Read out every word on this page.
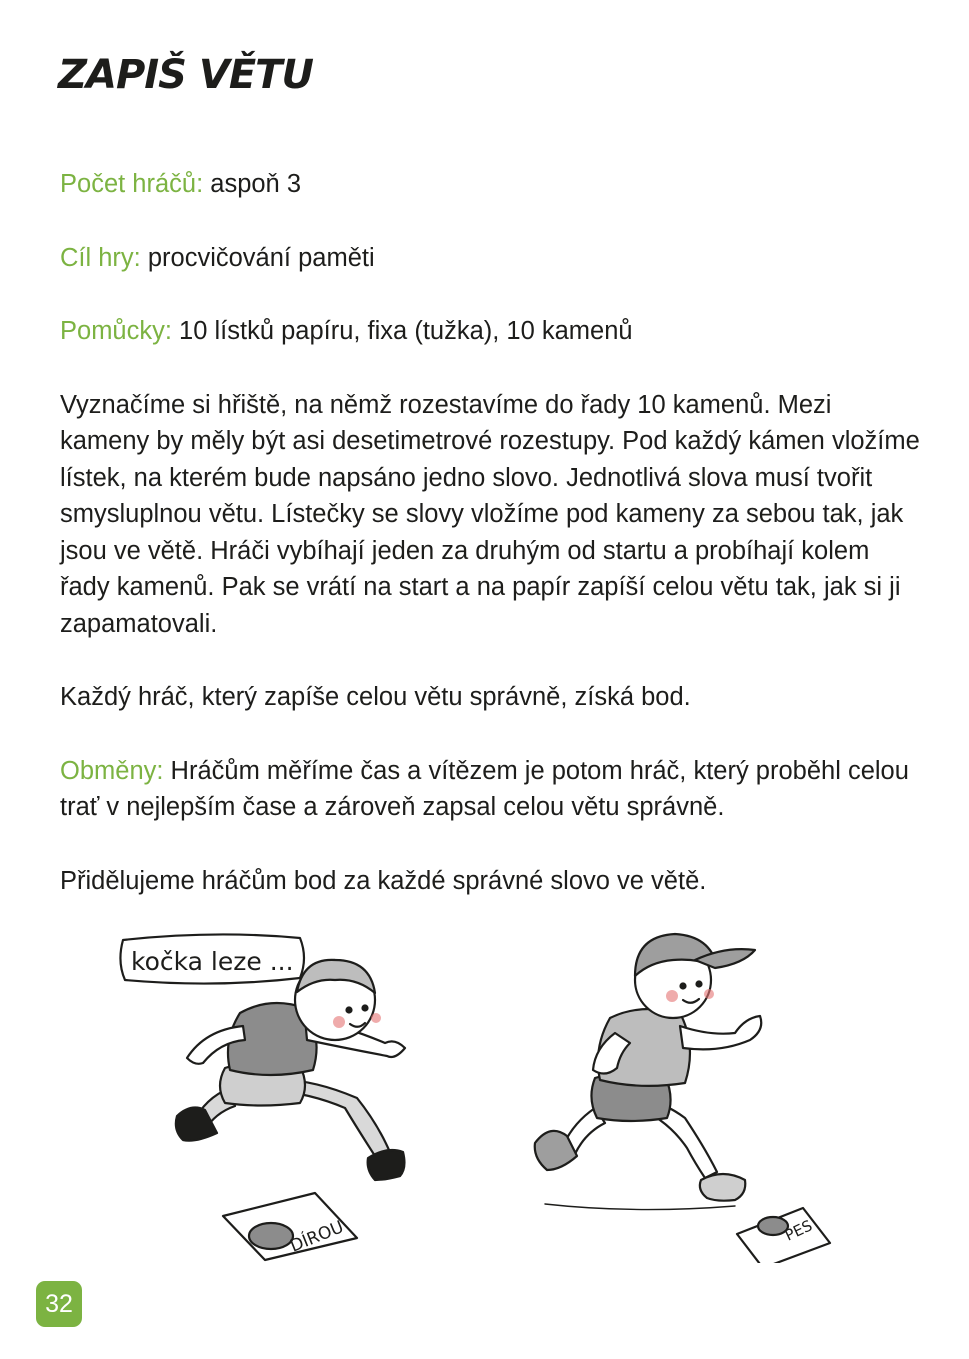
ZAPIŠ VĚTU

Počet hráčů: aspoň 3

Cíl hry: procvičování paměti

Pomůcky: 10 lístků papíru, fixa (tužka), 10 kamenů

Vyznačíme si hřiště, na němž rozestavíme do řady 10 kamenů. Mezi kameny by měly být asi desetimetrové rozestupy. Pod každý kámen vložíme lístek, na kterém bude napsáno jedno slovo. Jednotlivá slova musí tvořit smysluplnou větu. Lístečky se slovy vložíme pod kameny za sebou tak, jak jsou ve větě. Hráči vybíhají jeden za druhým od startu a probíhají kolem řady kamenů. Pak se vrátí na start a na papír zapíší celou větu tak, jak si ji zapamatovali.

Každý hráč, který zapíše celou větu správně, získá bod.

Obměny: Hráčům měříme čas a vítězem je potom hráč, který proběhl celou trať v nejlepším čase a zároveň zapsal celou větu správně.

Přidělujeme hráčům bod za každé správné slovo ve větě.

kočka leze ...
DÍROU	PES
32
